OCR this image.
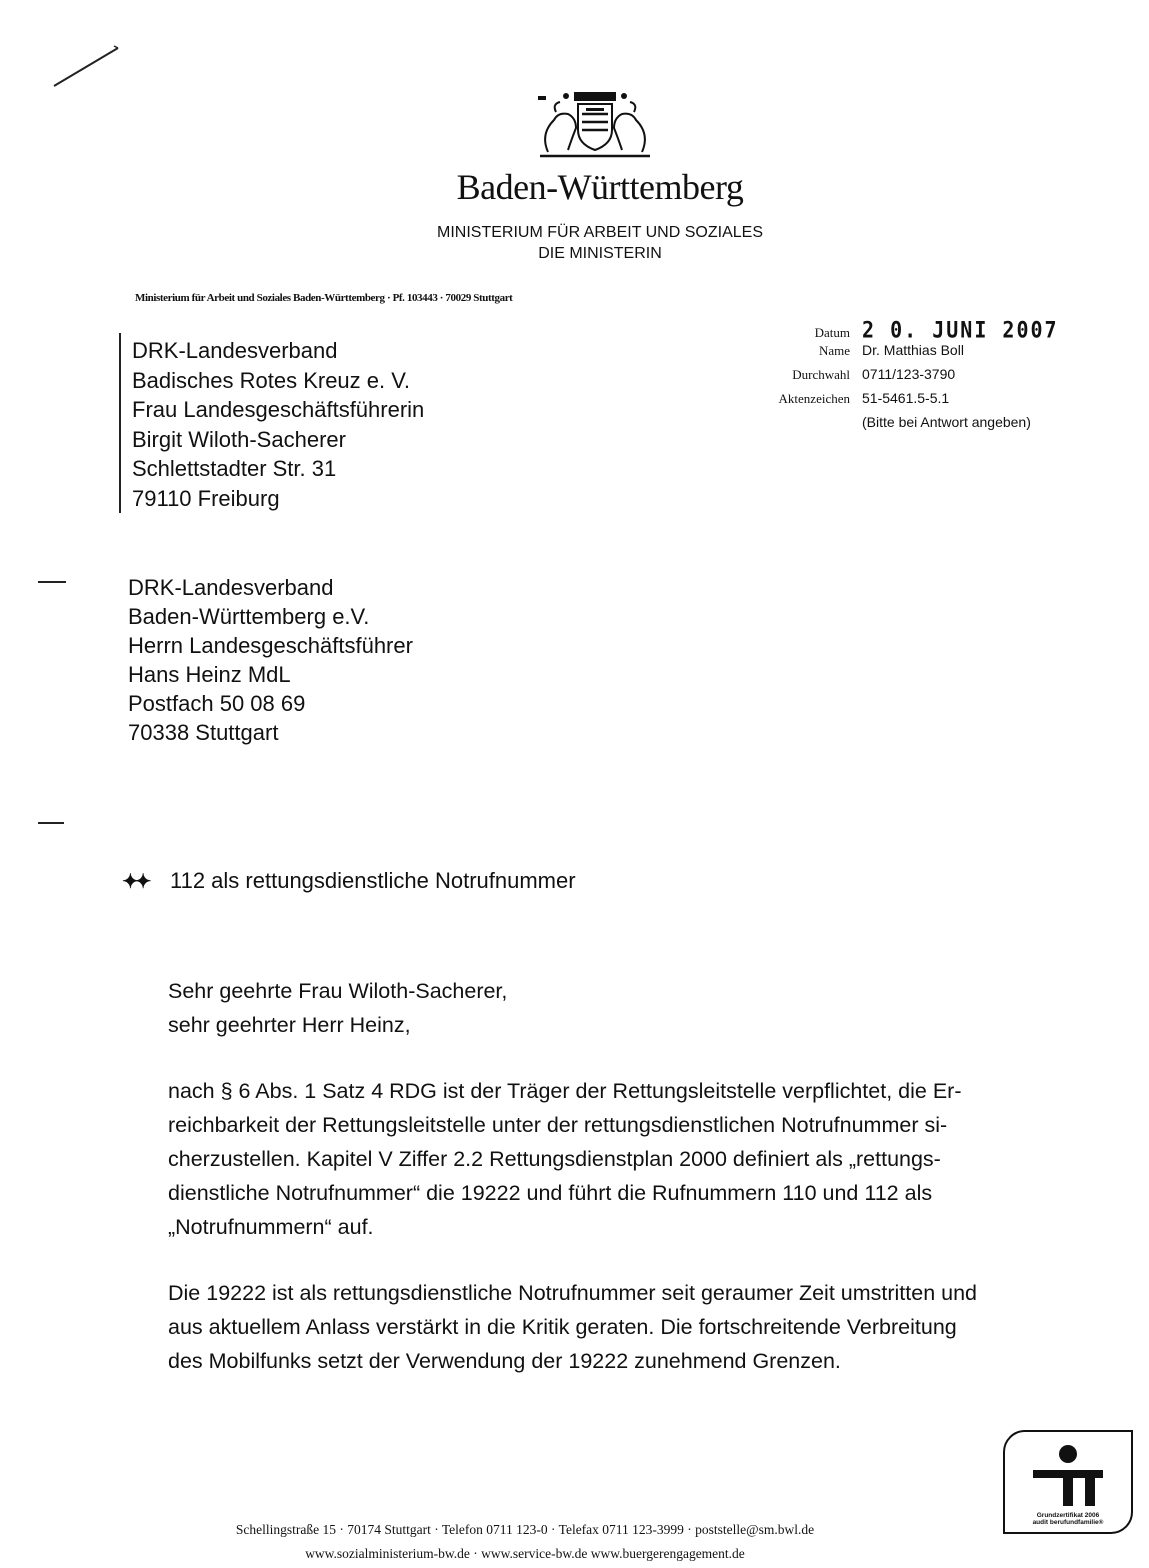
Baden-Württemberg
MINISTERIUM FÜR ARBEIT UND SOZIALES
DIE MINISTERIN
Ministerium für Arbeit und Soziales Baden-Württemberg · Pf. 103443 · 70029 Stuttgart
DRK-Landesverband
Badisches Rotes Kreuz e. V.
Frau Landesgeschäftsführerin
Birgit Wiloth-Sacherer
Schlettstadter Str. 31
79110 Freiburg
Datum 2 0. JUNI 2007
Name Dr. Matthias Boll
Durchwahl 0711/123-3790
Aktenzeichen 51-5461.5-5.1
(Bitte bei Antwort angeben)
DRK-Landesverband
Baden-Württemberg e.V.
Herrn Landesgeschäftsführer
Hans Heinz MdL
Postfach 50 08 69
70338 Stuttgart
✦✦ 112 als rettungsdienstliche Notrufnummer

Sehr geehrte Frau Wiloth-Sacherer,
sehr geehrter Herr Heinz,

nach § 6 Abs. 1 Satz 4 RDG ist der Träger der Rettungsleitstelle verpflichtet, die Er-
reichbarkeit der Rettungsleitstelle unter der rettungsdienstlichen Notrufnummer si-
cherzustellen. Kapitel V Ziffer 2.2 Rettungsdienstplan 2000 definiert als „rettungs-
dienstliche Notrufnummer“ die 19222 und führt die Rufnummern 110 und 112 als
„Notrufnummern“ auf.

Die 19222 ist als rettungsdienstliche Notrufnummer seit geraumer Zeit umstritten und
aus aktuellem Anlass verstärkt in die Kritik geraten. Die fortschreitende Verbreitung
des Mobilfunks setzt der Verwendung der 19222 zunehmend Grenzen.

Grundzertifikat 2006
audit berufundfamilie®
Schellingstraße 15 · 70174 Stuttgart · Telefon 0711 123-0 · Telefax 0711 123-3999 · poststelle@sm.bwl.de
www.sozialministerium-bw.de · www.service-bw.de www.buergerengagement.de
